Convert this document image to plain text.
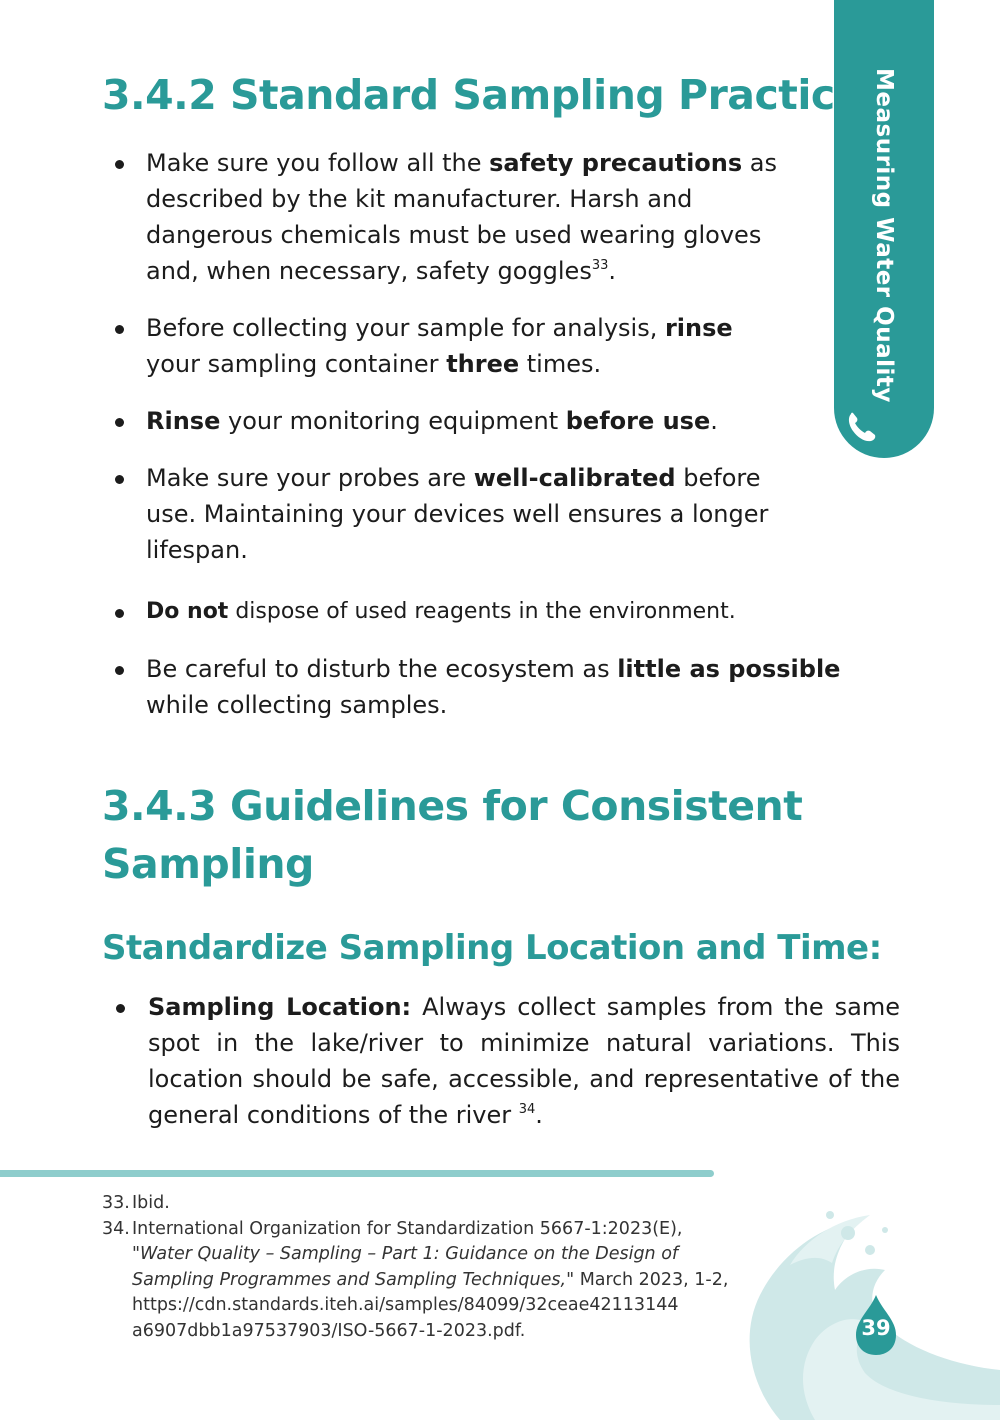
Measuring Water Quality
3.4.2 Standard Sampling Practice
Make sure you follow all the safety precautions as described by the kit manufacturer. Harsh and dangerous chemicals must be used wearing gloves and, when necessary, safety goggles$^{33}$.
Before collecting your sample for analysis, rinse your sampling container three times.
Rinse your monitoring equipment before use.
Make sure your probes are well-calibrated before use. Maintaining your devices well ensures a longer lifespan.
Do not dispose of used reagents in the environment.
Be careful to disturb the ecosystem as little as possible while collecting samples.
3.4.3 Guidelines for Consistent
Sampling
Standardize Sampling Location and Time:
Sampling Location: Always collect samples from the same spot in the lake/river to minimize natural variations. This location should be safe, accessible, and representative of the general conditions of the river $^{34}$.
33. Ibid.
34. International Organization for Standardization 5667-1:2023(E), "Water Quality – Sampling – Part 1: Guidance on the Design of Sampling Programmes and Sampling Techniques," March 2023, 1-2, https://cdn.standards.iteh.ai/samples/84099/32ceae42113144 a6907dbb1a97537903/ISO-5667-1-2023.pdf.	39
